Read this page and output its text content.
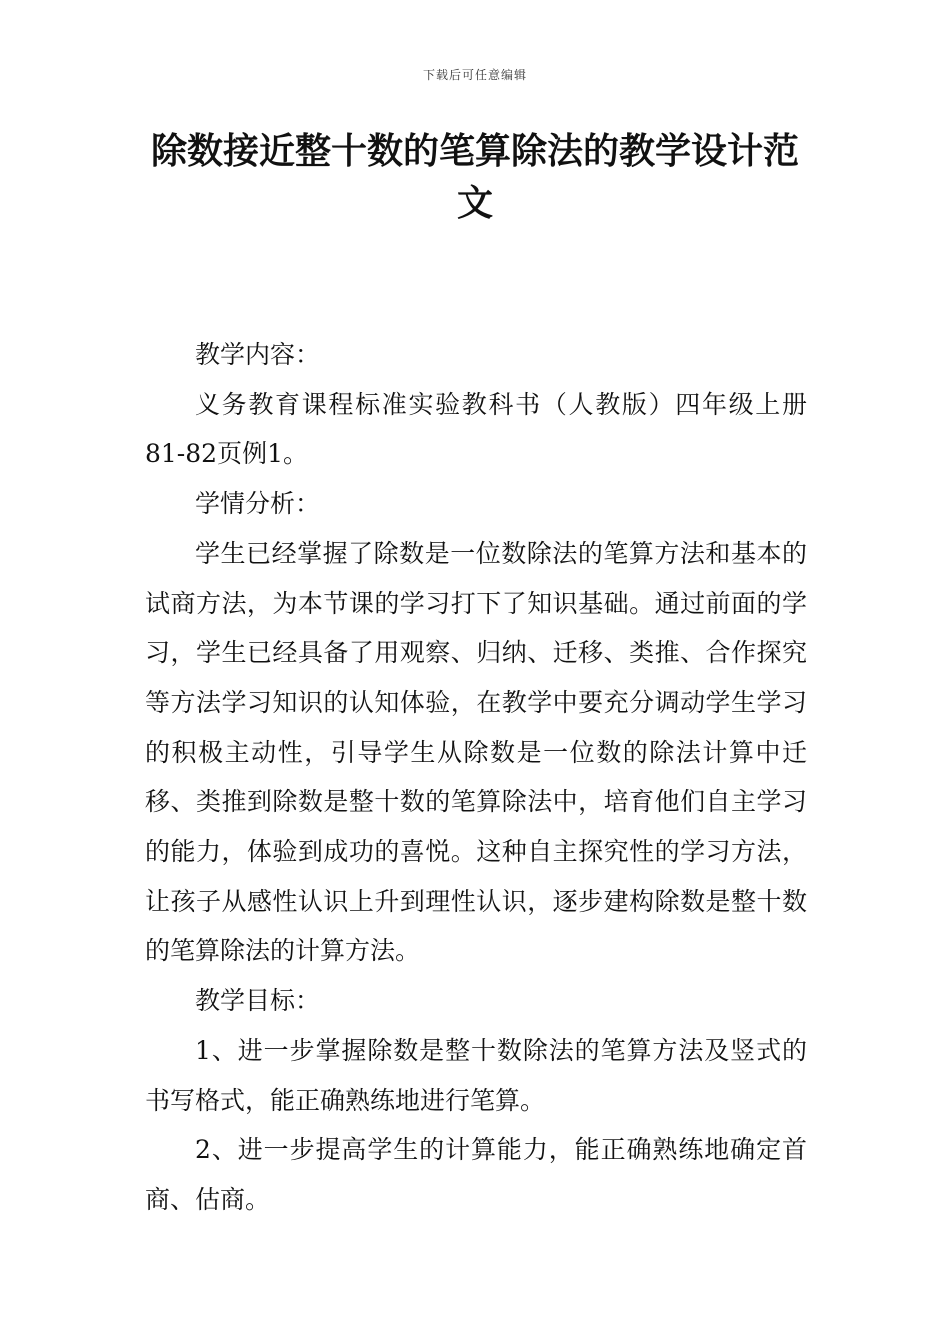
下载后可任意编辑
除数接近整十数的笔算除法的教学设计范文

教学内容：

义务教育课程标准实验教科书（人教版）四年级上册81-82页例1。

学情分析：

学生已经掌握了除数是一位数除法的笔算方法和基本的试商方法，为本节课的学习打下了知识基础。通过前面的学习，学生已经具备了用观察、归纳、迁移、类推、合作探究等方法学习知识的认知体验，在教学中要充分调动学生学习的积极主动性，引导学生从除数是一位数的除法计算中迁移、类推到除数是整十数的笔算除法中，培育他们自主学习的能力，体验到成功的喜悦。这种自主探究性的学习方法，让孩子从感性认识上升到理性认识，逐步建构除数是整十数的笔算除法的计算方法。

教学目标：

1、进一步掌握除数是整十数除法的笔算方法及竖式的书写格式，能正确熟练地进行笔算。

2、进一步提高学生的计算能力，能正确熟练地确定首商、估商。
